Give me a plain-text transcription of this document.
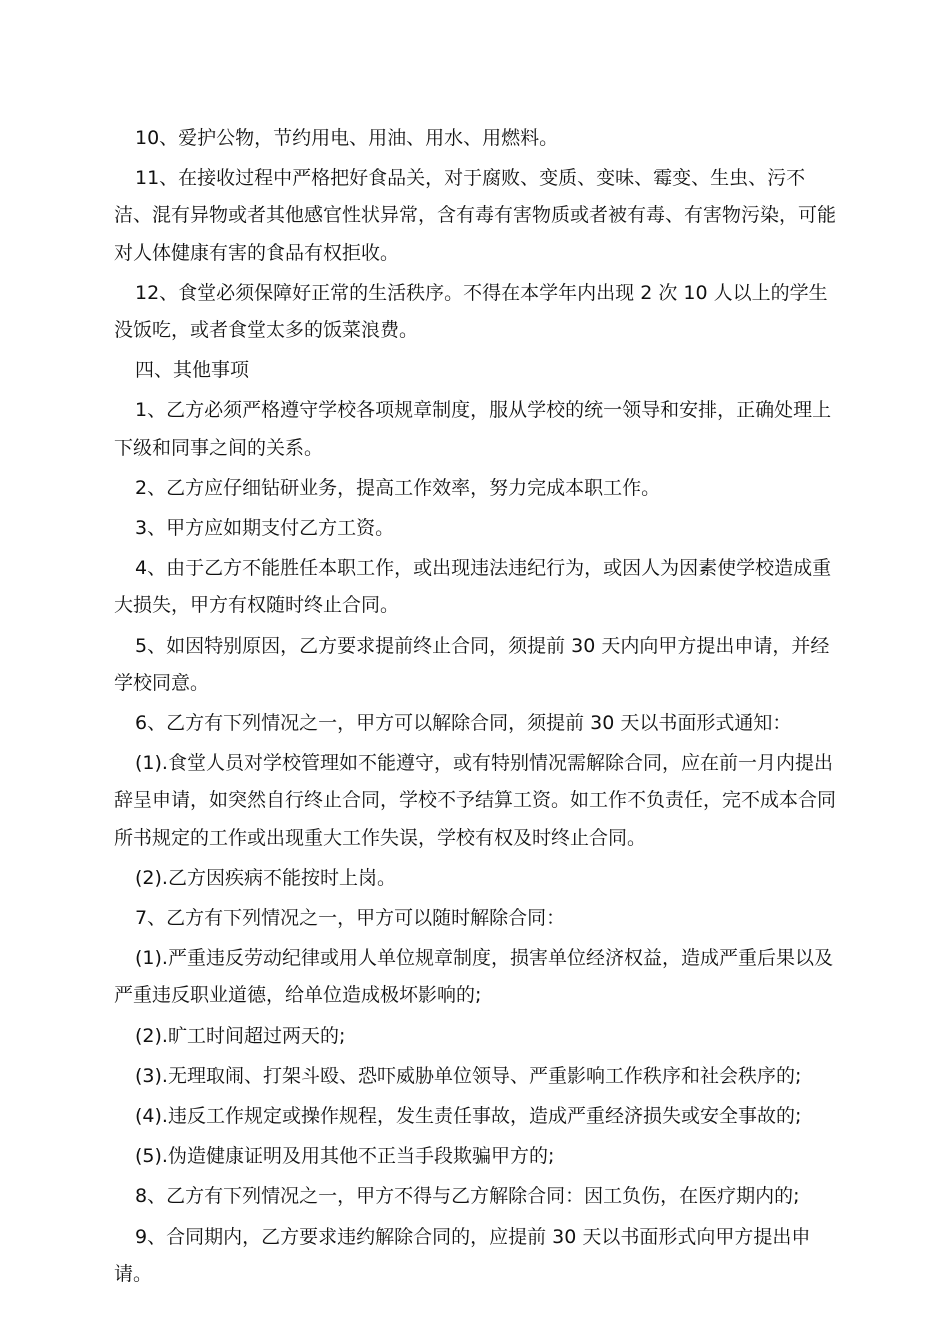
10、爱护公物，节约用电、用油、用水、用燃料。

11、在接收过程中严格把好食品关，对于腐败、变质、变味、霉变、生虫、污不洁、混有异物或者其他感官性状异常，含有毒有害物质或者被有毒、有害物污染，可能对人体健康有害的食品有权拒收。

12、食堂必须保障好正常的生活秩序。不得在本学年内出现 2 次 10 人以上的学生没饭吃，或者食堂太多的饭菜浪费。

四、其他事项

1、乙方必须严格遵守学校各项规章制度，服从学校的统一领导和安排，正确处理上下级和同事之间的关系。

2、乙方应仔细钻研业务，提高工作效率，努力完成本职工作。

3、甲方应如期支付乙方工资。

4、由于乙方不能胜任本职工作，或出现违法违纪行为，或因人为因素使学校造成重大损失，甲方有权随时终止合同。

5、如因特别原因，乙方要求提前终止合同，须提前 30 天内向甲方提出申请，并经学校同意。

6、乙方有下列情况之一，甲方可以解除合同，须提前 30 天以书面形式通知：

(1).食堂人员对学校管理如不能遵守，或有特别情况需解除合同，应在前一月内提出辞呈申请，如突然自行终止合同，学校不予结算工资。如工作不负责任，完不成本合同所书规定的工作或出现重大工作失误，学校有权及时终止合同。

(2).乙方因疾病不能按时上岗。

7、乙方有下列情况之一，甲方可以随时解除合同：

(1).严重违反劳动纪律或用人单位规章制度，损害单位经济权益，造成严重后果以及严重违反职业道德，给单位造成极坏影响的;

(2).旷工时间超过两天的;

(3).无理取闹、打架斗殴、恐吓威胁单位领导、严重影响工作秩序和社会秩序的;

(4).违反工作规定或操作规程，发生责任事故，造成严重经济损失或安全事故的;

(5).伪造健康证明及用其他不正当手段欺骗甲方的;

8、乙方有下列情况之一，甲方不得与乙方解除合同：因工负伤，在医疗期内的;

9、合同期内，乙方要求违约解除合同的，应提前 30 天以书面形式向甲方提出申请。
